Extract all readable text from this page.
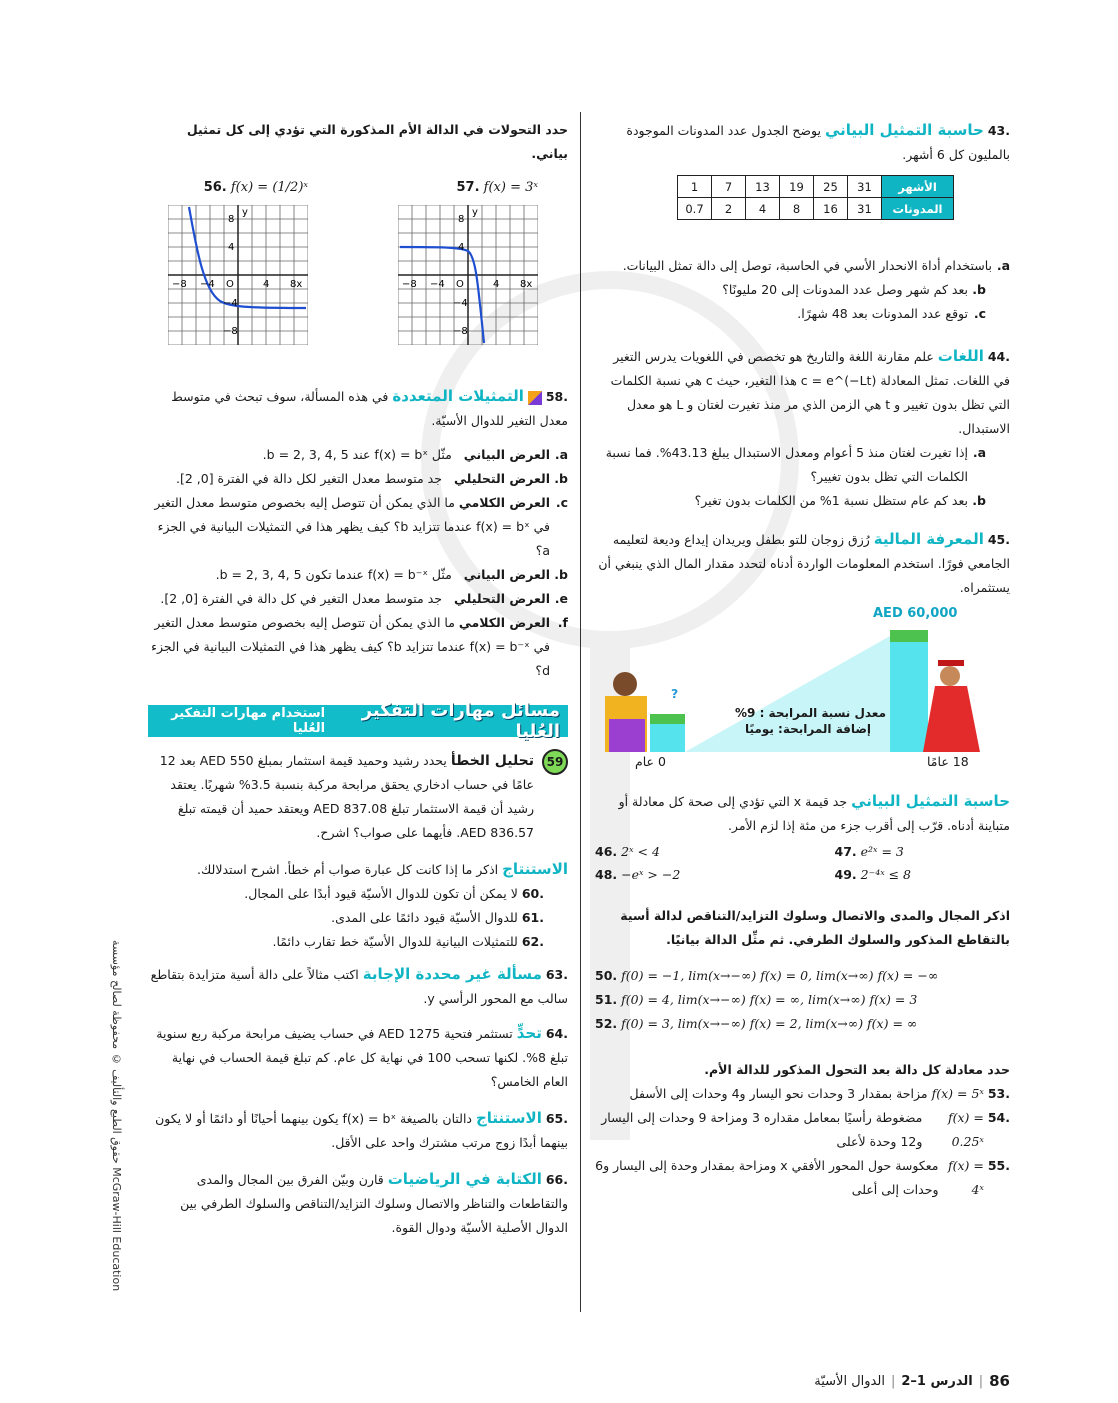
حقوق الطبع والتأليف © محفوظة لصالح مؤسسة McGraw-Hill Education

43. حاسبة التمثيل البياني يوضح الجدول عدد المدونات الموجودة بالمليون كل 6 أشهر.

1	7	13	19	25	31	الأشهر
0.7	2	4	8	16	31	المدونات
a.
باستخدام أداة الانحدار الأسي في الحاسبة، توصل إلى دالة تمثل البيانات.
b.
بعد كم شهر وصل عدد المدونات إلى 20 مليونًا؟
c.
توقع عدد المدونات بعد 48 شهرًا.

44. اللغات علم مقارنة اللغة والتاريخ هو تخصص في اللغويات يدرس التغير في اللغات. تمثل المعادلة c = e^(−Lt) هذا التغير، حيث c هي نسبة الكلمات التي تظل بدون تغيير و t هي الزمن الذي مر منذ تغيرت لغتان و L هو معدل الاستبدال.

a.
إذا تغيرت لغتان منذ 5 أعوام ومعدل الاستبدال يبلغ 43.13%. فما نسبة الكلمات التي تظل بدون تغيير؟
b.
بعد كم عام ستظل نسبة 1% من الكلمات بدون تغير؟

45. المعرفة المالية رُزق زوجان للتو بطفل ويريدان إيداع وديعة لتعليمه الجامعي فورًا. استخدم المعلومات الواردة أدناه لتحدد مقدار المال الذي ينبغي أن يستثمراه.

AED 60,000
?
معدل نسبة المرابحة : 9%
إضافة المرابحة: يوميًا
0 عام	18 عامًا

حاسبة التمثيل البياني جد قيمة x التي تؤدي إلى صحة كل معادلة أو متباينة أدناه. قرّب إلى أقرب جزء من مئة إذا لزم الأمر.

46. 2ˣ < 4	47. e²ˣ = 3
48. −eˣ > −2	49. 2⁻⁴ˣ ≤ 8

اذكر المجال والمدى والاتصال وسلوك التزايد/التناقص لدالة أسية بالتقاطع المذكور والسلوك الطرفي. ثم مثِّل الدالة بيانيًا.

50. f(0) = −1, lim(x→−∞) f(x) = 0, lim(x→∞) f(x) = −∞
51. f(0) = 4, lim(x→−∞) f(x) = ∞, lim(x→∞) f(x) = 3
52. f(0) = 3, lim(x→−∞) f(x) = 2, lim(x→∞) f(x) = ∞

حدد معادلة كل دالة بعد التحول المذكور للدالة الأم.

53.
f(x) = 5ˣ
مزاحة بمقدار 3 وحدات نحو اليسار و4 وحدات إلى الأسفل
54.
f(x) = 0.25ˣ
مضغوطة رأسيًا بمعامل مقداره 3 ومزاحة 9 وحدات إلى اليسار و12 وحدة لأعلى
55.
f(x) = 4ˣ
معكوسة حول المحور الأفقي x ومزاحة بمقدار وحدة إلى اليسار و6 وحدات إلى أعلى

حدد التحولات في الدالة الأم المذكورة التي تؤدي إلى كل تمثيل بياني.

56. f(x) = (1/2)ˣ
−8 −4 O	4 8x
8
4
y
−4
−8
57. f(x) = 3ˣ
−8 −4 O	4 8x
8
4
y
−4
−8

58.  التمثيلات المتعددة في هذه المسألة، سوف تبحث في متوسط معدل التغير للدوال الأسيّة.

a.
العرض البياني

مثّل f(x) = bˣ عند b = 2, 3, 4, 5.
b.
العرض التحليلي

جد متوسط معدل التغير لكل دالة في الفترة [0, 2].
c.
العرض الكلامي ما الذي يمكن أن تتوصل إليه بخصوص متوسط معدل التغير في f(x) = bˣ عندما تتزايد b؟ كيف يظهر هذا في التمثيلات البيانية في الجزء a؟
b.
العرض البياني

مثّل f(x) = b⁻ˣ عندما تكون b = 2, 3, 4, 5.
e.
العرض التحليلي

جد متوسط معدل التغير في كل دالة في الفترة [0, 2].
f.
العرض الكلامي ما الذي يمكن أن تتوصل إليه بخصوص متوسط معدل التغير في f(x) = b⁻ˣ عندما تتزايد b؟ كيف يظهر هذا في التمثيلات البيانية في الجزء d؟
مسائل مهارات التفكير العُليا
استخدام مهارات التفكير العُليا
59

تحليل الخطأ يحدد رشيد وحميد قيمة استثمار بمبلغ AED 550 بعد 12 عامًا في حساب ادخاري يحقق مرابحة مركبة بنسبة 3.5% شهريًا. يعتقد رشيد أن قيمة الاستثمار تبلغ AED 837.08 ويعتقد حميد أن قيمته تبلغ AED 836.57. فأيهما على صواب؟ اشرح.

الاستنتاج اذكر ما إذا كانت كل عبارة صواب أم خطأ. اشرح استدلالك.

60.
لا يمكن أن تكون للدوال الأسيّة قيود أبدًا على المجال.
61.
للدوال الأسيّة قيود دائمًا على المدى.
62.
للتمثيلات البيانية للدوال الأسيّة خط تقارب دائمًا.

63. مسألة غير محددة الإجابة اكتب مثالاً على دالة أسية متزايدة بتقاطع سالب مع المحور الرأسي y.

64. تحدٍّ تستثمر فتحية AED 1275 في حساب يضيف مرابحة مركبة ربع سنوية تبلغ 8%. لكنها تسحب 100 في نهاية كل عام. كم تبلغ قيمة الحساب في نهاية العام الخامس؟

65. الاستنتاج دالتان بالصيغة f(x) = bˣ يكون بينهما أحيانًا أو دائمًا أو لا يكون بينهما أبدًا زوج مرتب مشترك واحد على الأقل.

66. الكتابة في الرياضيات قارن وبيّن الفرق بين المجال والمدى والتقاطعات والتناظر والاتصال وسلوك التزايد/التناقص والسلوك الطرفي بين الدوال الأصلية الأسيّة ودوال القوة.

86
|
الدرس 1–2
|
الدوال الأسيّة
